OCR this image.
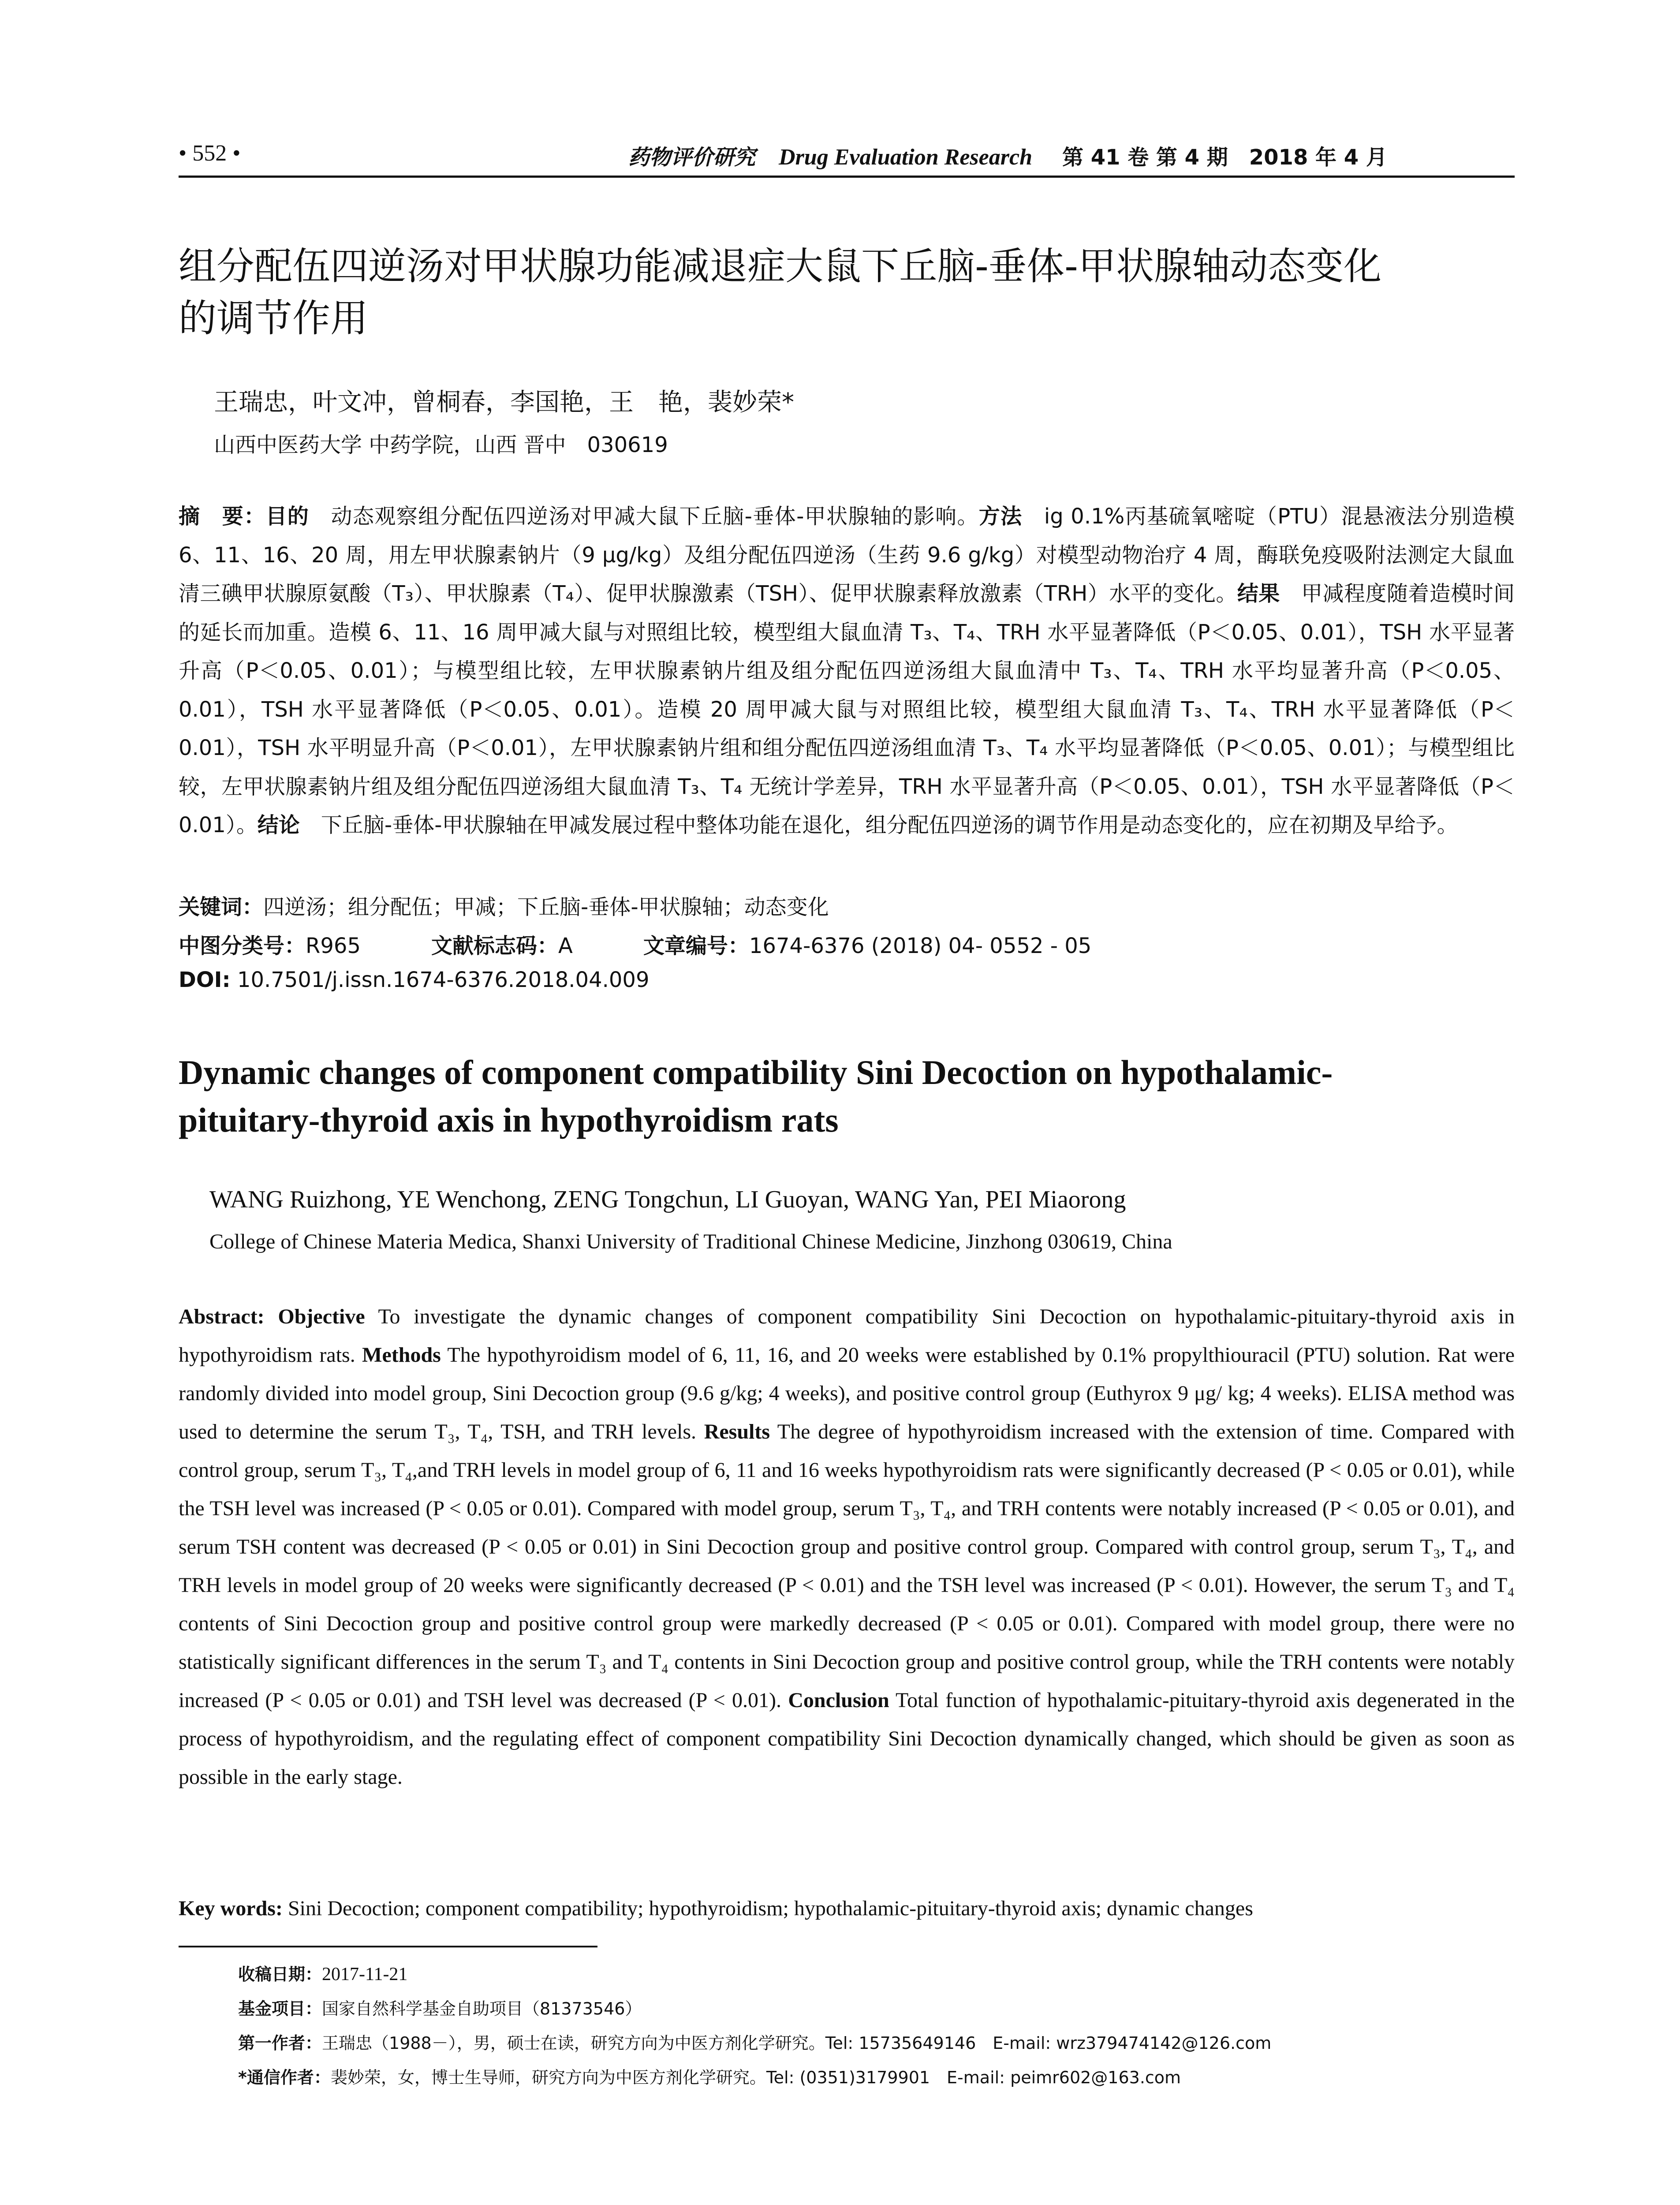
• 552 •	药物评价研究 Drug Evaluation Research 第 41 卷 第 4 期　2018 年 4 月
组分配伍四逆汤对甲状腺功能减退症大鼠下丘脑-垂体-甲状腺轴动态变化
的调节作用
王瑞忠，叶文冲，曾桐春，李国艳，王　艳，裴妙荣*
山西中医药大学 中药学院，山西 晋中　030619
摘　要：目的　动态观察组分配伍四逆汤对甲减大鼠下丘脑-垂体-甲状腺轴的影响。方法　ig 0.1%丙基硫氧嘧啶（PTU）混悬液法分别造模 6、11、16、20 周，用左甲状腺素钠片（9 μg/kg）及组分配伍四逆汤（生药 9.6 g/kg）对模型动物治疗 4 周，酶联免疫吸附法测定大鼠血清三碘甲状腺原氨酸（T₃）、甲状腺素（T₄）、促甲状腺激素（TSH）、促甲状腺素释放激素（TRH）水平的变化。结果　甲减程度随着造模时间的延长而加重。造模 6、11、16 周甲减大鼠与对照组比较，模型组大鼠血清 T₃、T₄、TRH 水平显著降低（P＜0.05、0.01），TSH 水平显著升高（P＜0.05、0.01）；与模型组比较，左甲状腺素钠片组及组分配伍四逆汤组大鼠血清中 T₃、T₄、TRH 水平均显著升高（P＜0.05、0.01），TSH 水平显著降低（P＜0.05、0.01）。造模 20 周甲减大鼠与对照组比较，模型组大鼠血清 T₃、T₄、TRH 水平显著降低（P＜0.01），TSH 水平明显升高（P＜0.01），左甲状腺素钠片组和组分配伍四逆汤组血清 T₃、T₄ 水平均显著降低（P＜0.05、0.01）；与模型组比较，左甲状腺素钠片组及组分配伍四逆汤组大鼠血清 T₃、T₄ 无统计学差异，TRH 水平显著升高（P＜0.05、0.01），TSH 水平显著降低（P＜0.01）。结论　下丘脑-垂体-甲状腺轴在甲减发展过程中整体功能在退化，组分配伍四逆汤的调节作用是动态变化的，应在初期及早给予。
关键词：四逆汤；组分配伍；甲减；下丘脑-垂体-甲状腺轴；动态变化
中图分类号：R965	文献标志码：A	文章编号：1674-6376 (2018) 04- 0552 - 05
DOI: 10.7501/j.issn.1674-6376.2018.04.009
Dynamic changes of component compatibility Sini Decoction on hypothalamic-
pituitary-thyroid axis in hypothyroidism rats
WANG Ruizhong, YE Wenchong, ZENG Tongchun, LI Guoyan, WANG Yan, PEI Miaorong
College of Chinese Materia Medica, Shanxi University of Traditional Chinese Medicine, Jinzhong 030619, China
Abstract: Objective To investigate the dynamic changes of component compatibility Sini Decoction on hypothalamic-pituitary-thyroid axis in hypothyroidism rats. Methods The hypothyroidism model of 6, 11, 16, and 20 weeks were established by 0.1% propylthiouracil (PTU) solution. Rat were randomly divided into model group, Sini Decoction group (9.6 g/kg; 4 weeks), and positive control group (Euthyrox 9 μg/ kg; 4 weeks). ELISA method was used to determine the serum T₃, T₄, TSH, and TRH levels. Results The degree of hypothyroidism increased with the extension of time. Compared with control group, serum T₃, T₄,and TRH levels in model group of 6, 11 and 16 weeks hypothyroidism rats were significantly decreased (P < 0.05 or 0.01), while the TSH level was increased (P < 0.05 or 0.01). Compared with model group, serum T₃, T₄, and TRH contents were notably increased (P < 0.05 or 0.01), and serum TSH content was decreased (P < 0.05 or 0.01) in Sini Decoction group and positive control group. Compared with control group, serum T₃, T₄, and TRH levels in model group of 20 weeks were significantly decreased (P < 0.01) and the TSH level was increased (P < 0.01). However, the serum T₃ and T₄ contents of Sini Decoction group and positive control group were markedly decreased (P < 0.05 or 0.01). Compared with model group, there were no statistically significant differences in the serum T₃ and T₄ contents in Sini Decoction group and positive control group, while the TRH contents were notably increased (P < 0.05 or 0.01) and TSH level was decreased (P < 0.01). Conclusion Total function of hypothalamic-pituitary-thyroid axis degenerated in the process of hypothyroidism, and the regulating effect of component compatibility Sini Decoction dynamically changed, which should be given as soon as possible in the early stage.
Key words: Sini Decoction; component compatibility; hypothyroidism; hypothalamic-pituitary-thyroid axis; dynamic changes
收稿日期：2017-11-21
基金项目：国家自然科学基金自助项目（81373546）
第一作者：王瑞忠（1988－），男，硕士在读，研究方向为中医方剂化学研究。Tel: 15735649146　E-mail: wrz379474142@126.com
*通信作者：裴妙荣，女，博士生导师，研究方向为中医方剂化学研究。Tel: (0351)3179901　E-mail: peimr602@163.com
